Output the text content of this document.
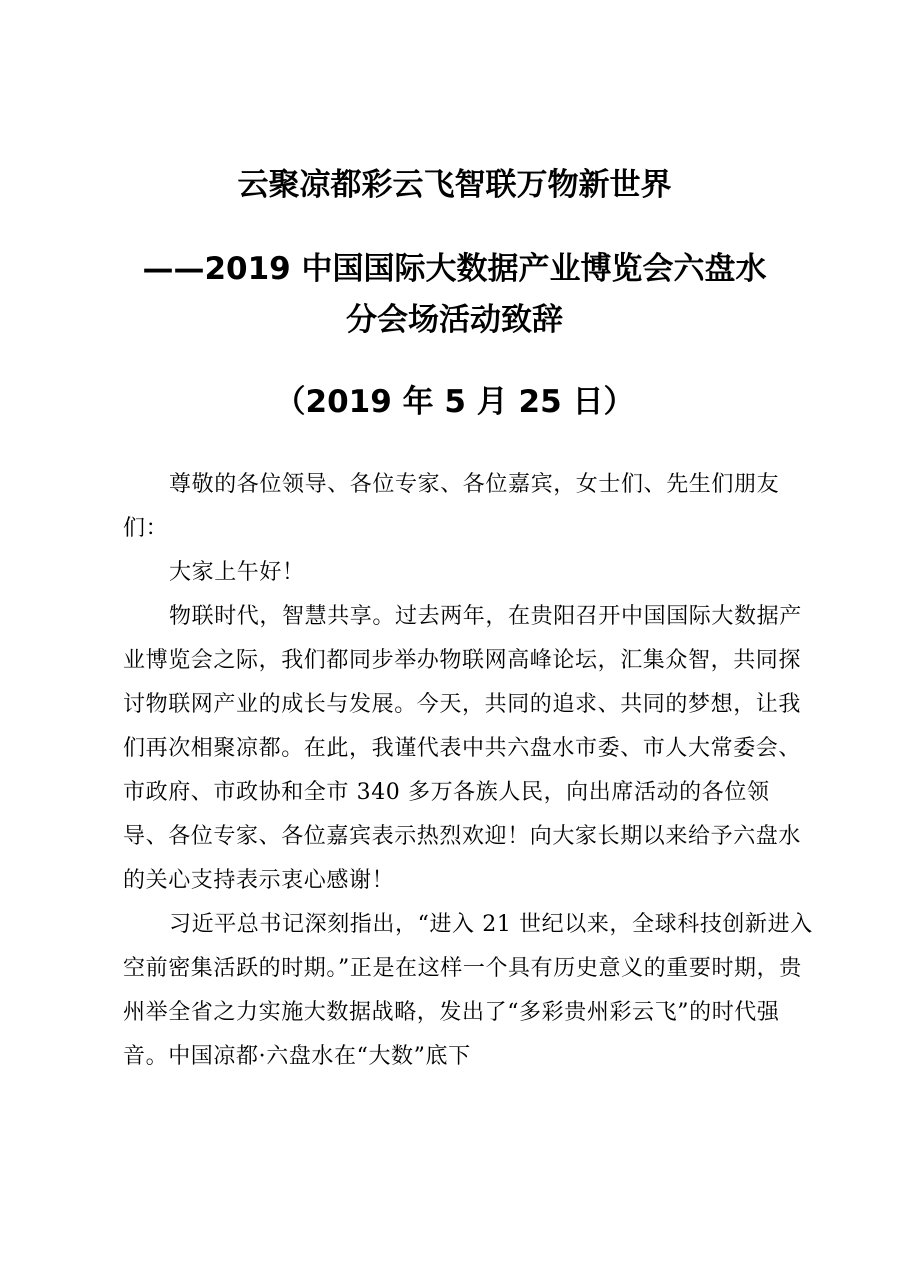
云聚凉都彩云飞智联万物新世界
——2019 中国国际大数据产业博览会六盘水
分会场活动致辞
（2019 年 5 月 25 日）

尊敬的各位领导、各位专家、各位嘉宾，女士们、先生们朋友们：

大家上午好！

物联时代，智慧共享。过去两年，在贵阳召开中国国际大数据产业博览会之际，我们都同步举办物联网高峰论坛，汇集众智，共同探讨物联网产业的成长与发展。今天，共同的追求、共同的梦想，让我们再次相聚凉都。在此，我谨代表中共六盘水市委、市人大常委会、市政府、市政协和全市 340 多万各族人民，向出席活动的各位领导、各位专家、各位嘉宾表示热烈欢迎！向大家长期以来给予六盘水的关心支持表示衷心感谢！

习近平总书记深刻指出，“进入 21 世纪以来，全球科技创新进入空前密集活跃的时期。”正是在这样一个具有历史意义的重要时期，贵州举全省之力实施大数据战略，发出了“多彩贵州彩云飞”的时代强音。中国凉都·六盘水在“大数”底下
